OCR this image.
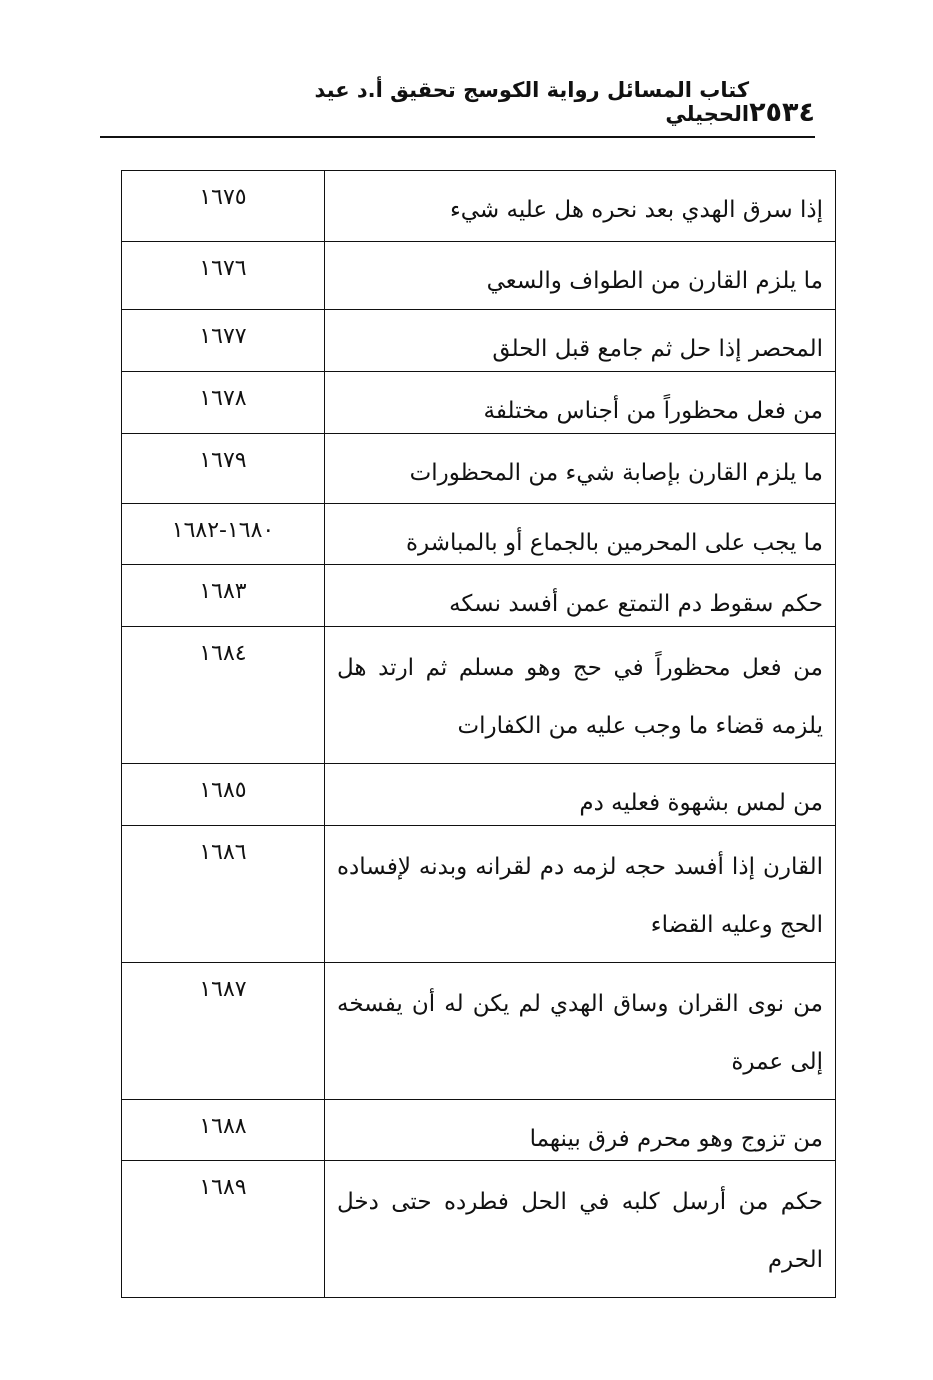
٢٥٣٤
كتاب المسائل رواية الكوسج تحقيق أ.د عيد الحجيلي
إذا سرق الهدي بعد نحره هل عليه شيء	١٦٧٥
ما يلزم القارن من الطواف والسعي	١٦٧٦
المحصر إذا حل ثم جامع قبل الحلق	١٦٧٧
من فعل محظوراً من أجناس مختلفة	١٦٧٨
ما يلزم القارن بإصابة شيء من المحظورات	١٦٧٩
ما يجب على المحرمين بالجماع أو بالمباشرة	١٦٨٠-١٦٨٢
حكم سقوط دم التمتع عمن أفسد نسكه	١٦٨٣
من فعل محظوراً في حج وهو مسلم ثم ارتد هل يلزمه قضاء ما وجب عليه من الكفارات	١٦٨٤
من لمس بشهوة فعليه دم	١٦٨٥
القارن إذا أفسد حجه لزمه دم لقرانه وبدنه لإفساده الحج وعليه القضاء	١٦٨٦
من نوى القران وساق الهدي لم يكن له أن يفسخه إلى عمرة	١٦٨٧
من تزوج وهو محرم فرق بينهما	١٦٨٨
حكم من أرسل كلبه في الحل فطرده حتى دخل الحرم	١٦٨٩
